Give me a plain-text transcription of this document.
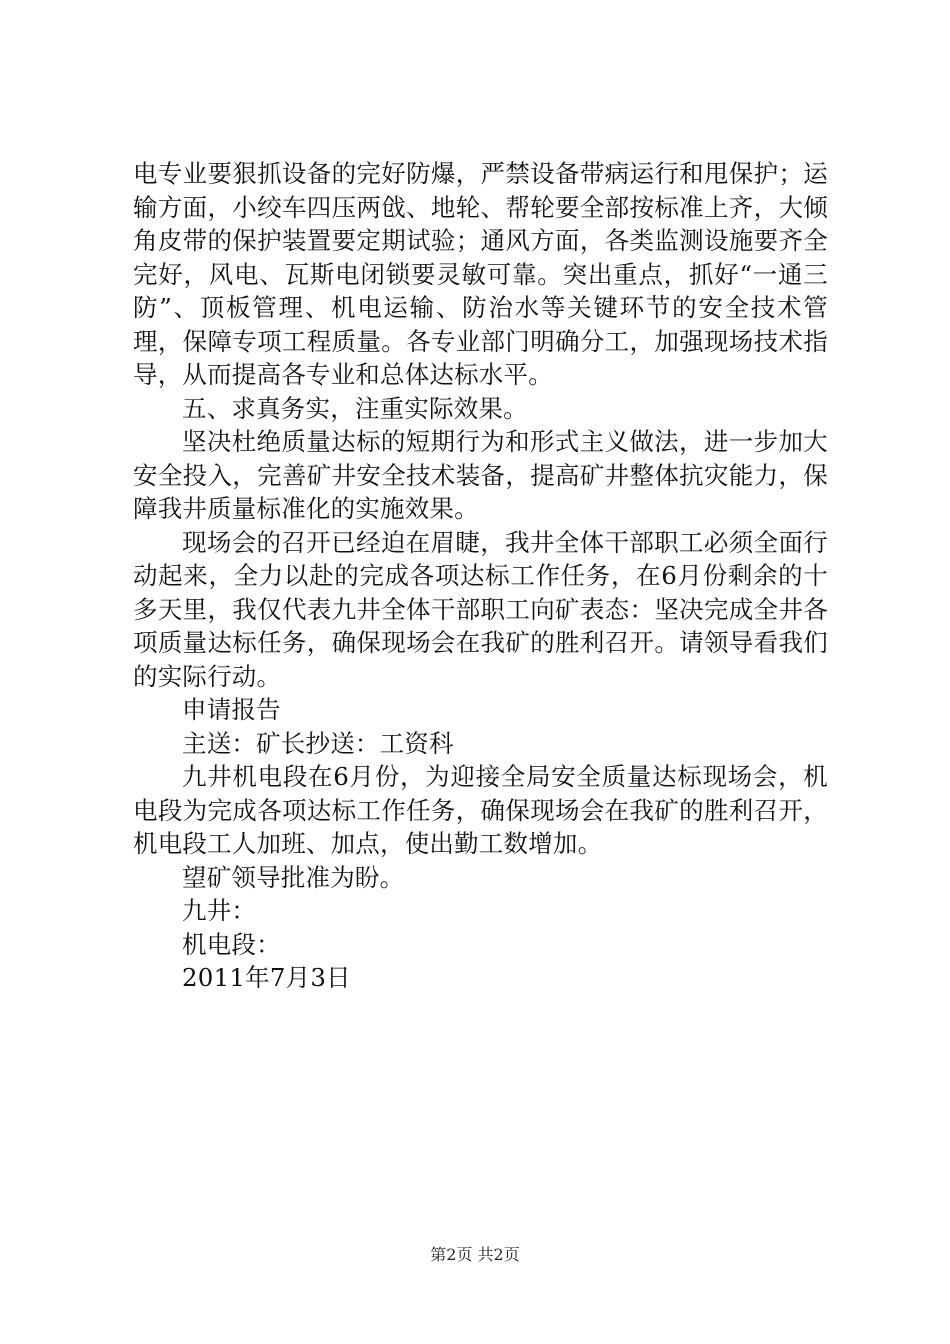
电专业要狠抓设备的完好防爆，严禁设备带病运行和甩保护；运输方面，小绞车四压两戗、地轮、帮轮要全部按标准上齐，大倾角皮带的保护装置要定期试验；通风方面，各类监测设施要齐全完好，风电、瓦斯电闭锁要灵敏可靠。突出重点，抓好“一通三防”、顶板管理、机电运输、防治水等关键环节的安全技术管理，保障专项工程质量。各专业部门明确分工，加强现场技术指导，从而提高各专业和总体达标水平。

五、求真务实，注重实际效果。

坚决杜绝质量达标的短期行为和形式主义做法，进一步加大安全投入，完善矿井安全技术装备，提高矿井整体抗灾能力，保障我井质量标准化的实施效果。

现场会的召开已经迫在眉睫，我井全体干部职工必须全面行动起来，全力以赴的完成各项达标工作任务，在6月份剩余的十多天里，我仅代表九井全体干部职工向矿表态：坚决完成全井各项质量达标任务，确保现场会在我矿的胜利召开。请领导看我们的实际行动。

申请报告

主送：矿长抄送：工资科

九井机电段在6月份，为迎接全局安全质量达标现场会，机电段为完成各项达标工作任务，确保现场会在我矿的胜利召开，机电段工人加班、加点，使出勤工数增加。

望矿领导批准为盼。

九井：

机电段：

2011年7月3日

第2页 共2页
